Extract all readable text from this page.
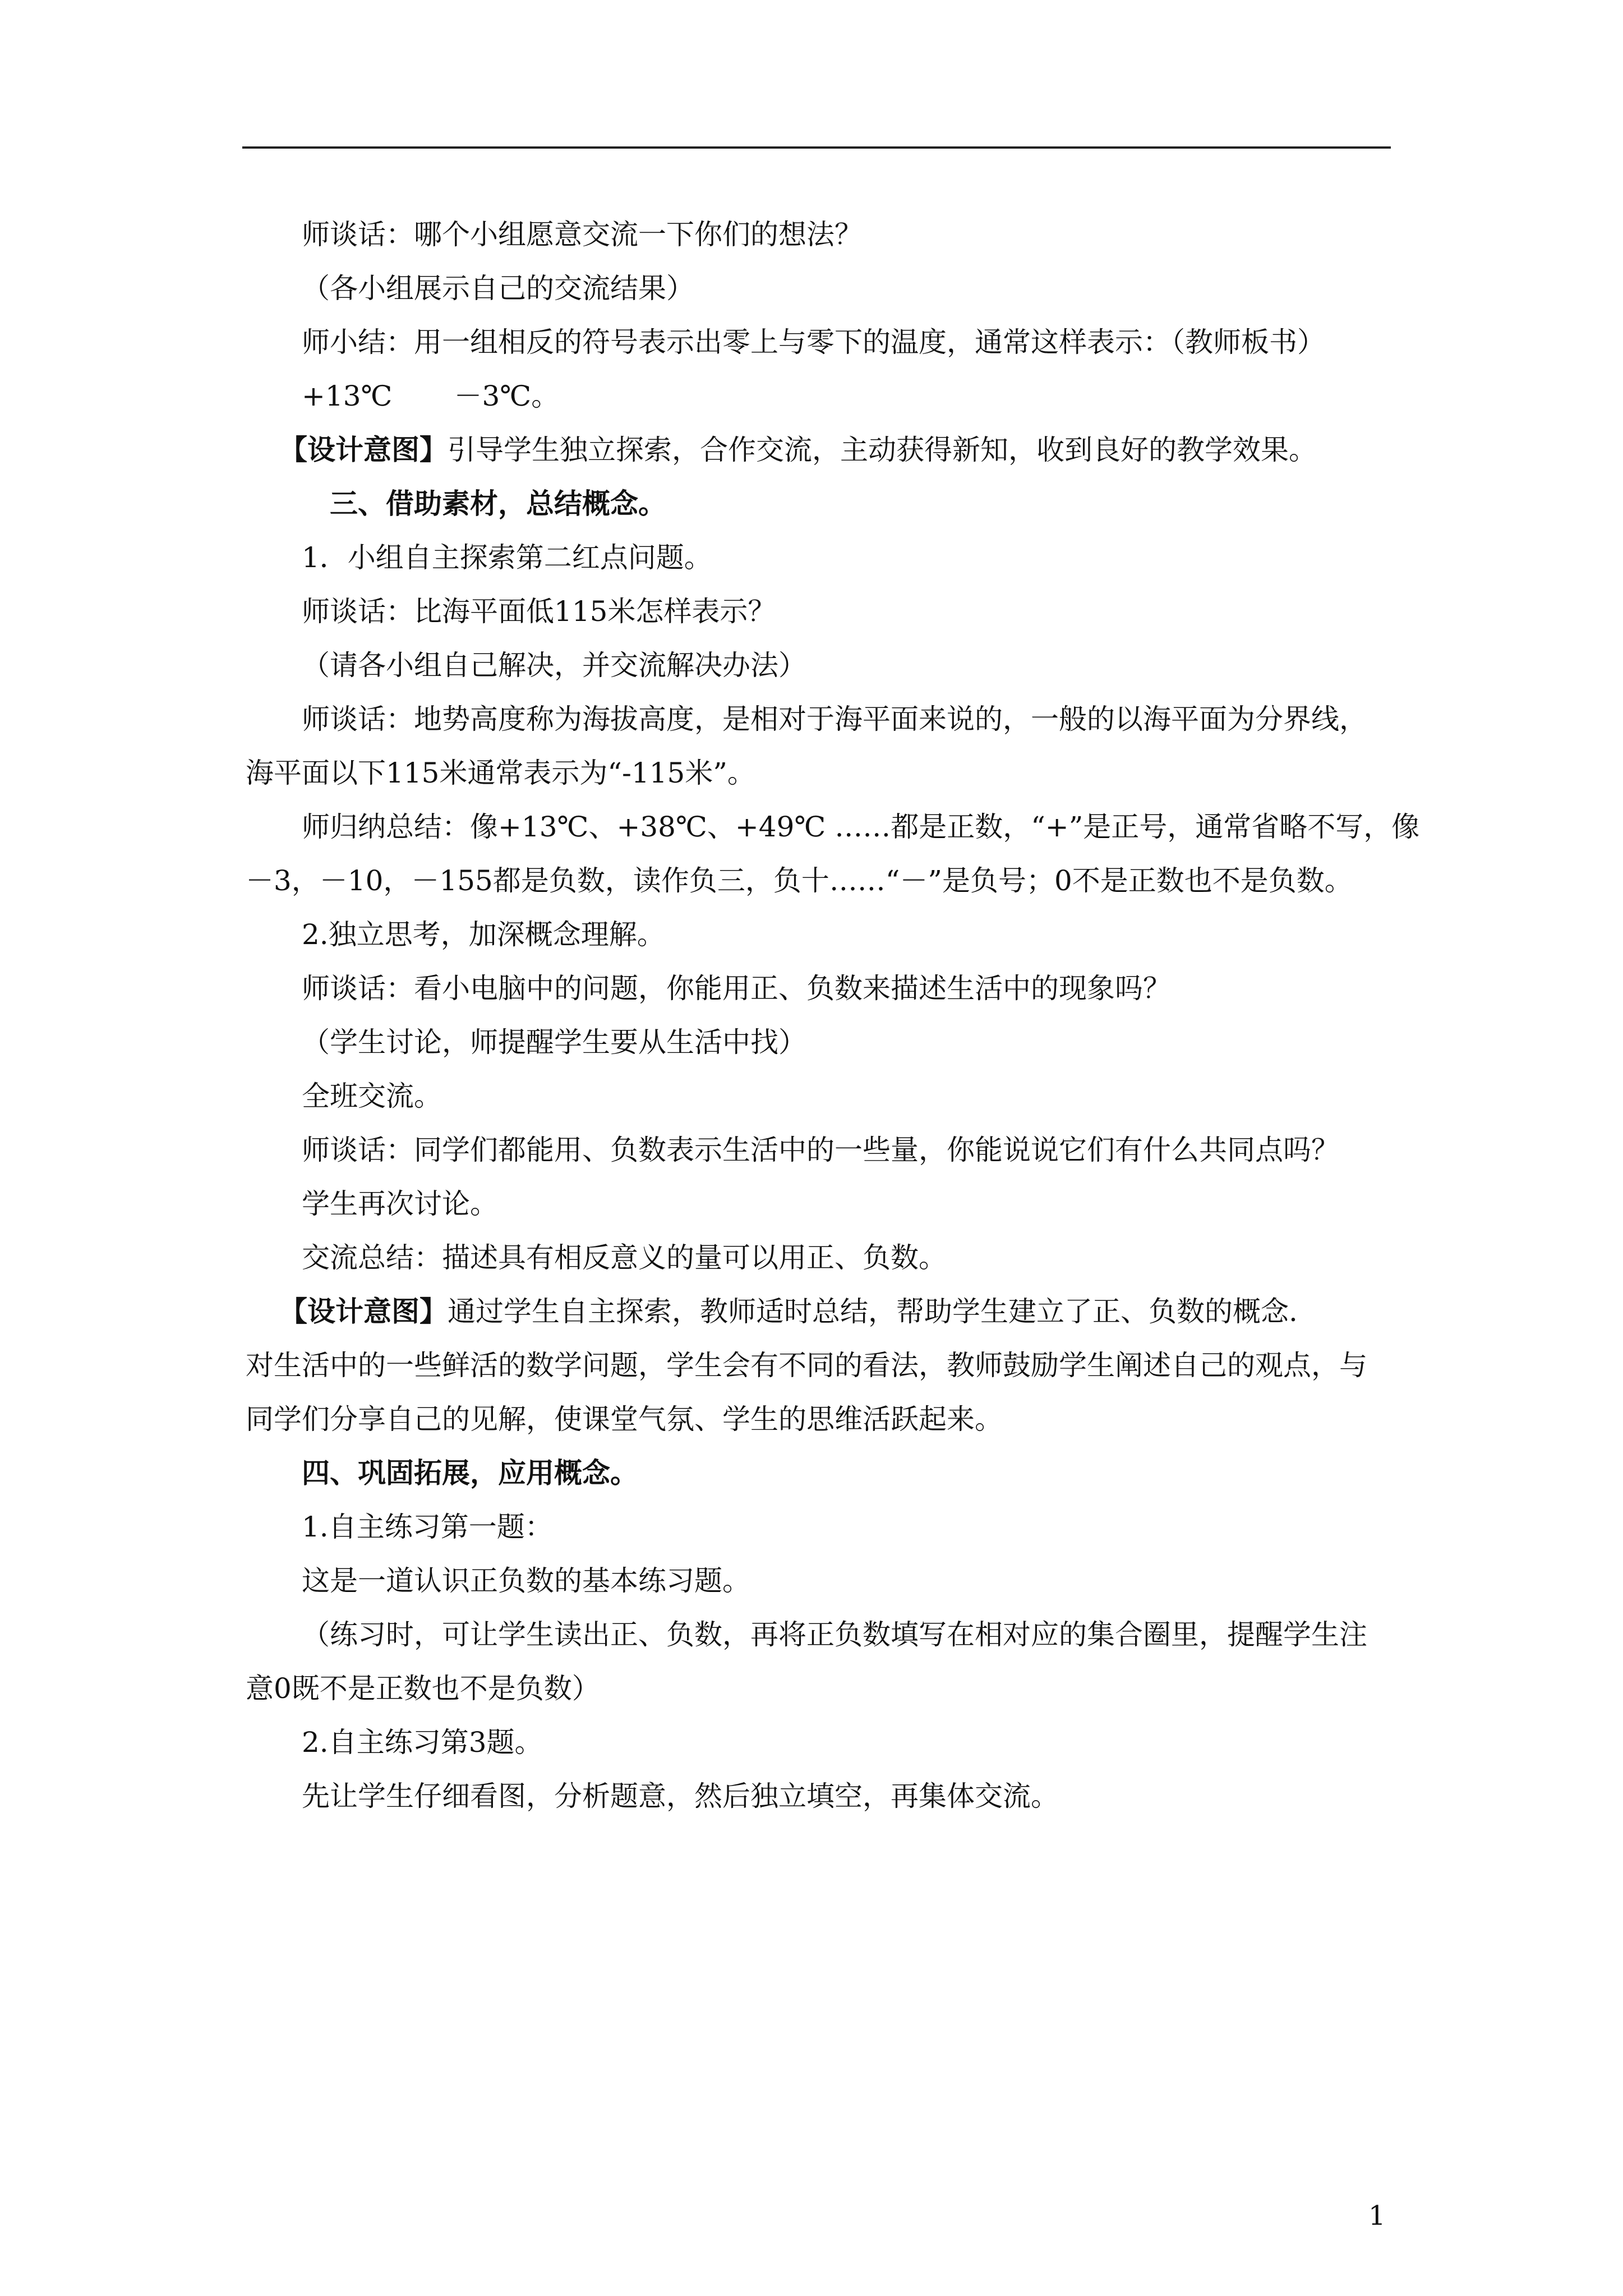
师谈话：哪个小组愿意交流一下你们的想法？
（各小组展示自己的交流结果）
师小结：用一组相反的符号表示出零上与零下的温度，通常这样表示：（教师板书）
+13℃ －3℃。
【设计意图】引导学生独立探索，合作交流，主动获得新知，收到良好的教学效果。
三、借助素材，总结概念。
1．小组自主探索第二红点问题。
师谈话：比海平面低115米怎样表示？
（请各小组自己解决，并交流解决办法）
师谈话：地势高度称为海拔高度，是相对于海平面来说的，一般的以海平面为分界线，
海平面以下115米通常表示为“-115米”。
师归纳总结：像+13℃、+38℃、+49℃ ……都是正数，“+”是正号，通常省略不写，像
－3，－10，－155都是负数，读作负三，负十……“－”是负号；0不是正数也不是负数。
2.独立思考，加深概念理解。
师谈话：看小电脑中的问题，你能用正、负数来描述生活中的现象吗？
（学生讨论，师提醒学生要从生活中找）
全班交流。
师谈话：同学们都能用、负数表示生活中的一些量，你能说说它们有什么共同点吗？
学生再次讨论。
交流总结：描述具有相反意义的量可以用正、负数。
【设计意图】通过学生自主探索，教师适时总结，帮助学生建立了正、负数的概念.
对生活中的一些鲜活的数学问题，学生会有不同的看法，教师鼓励学生阐述自己的观点，与
同学们分享自己的见解，使课堂气氛、学生的思维活跃起来。
四、巩固拓展，应用概念。
1.自主练习第一题：
这是一道认识正负数的基本练习题。
（练习时，可让学生读出正、负数，再将正负数填写在相对应的集合圈里，提醒学生注
意0既不是正数也不是负数）
2.自主练习第3题。
先让学生仔细看图，分析题意，然后独立填空，再集体交流。
1
